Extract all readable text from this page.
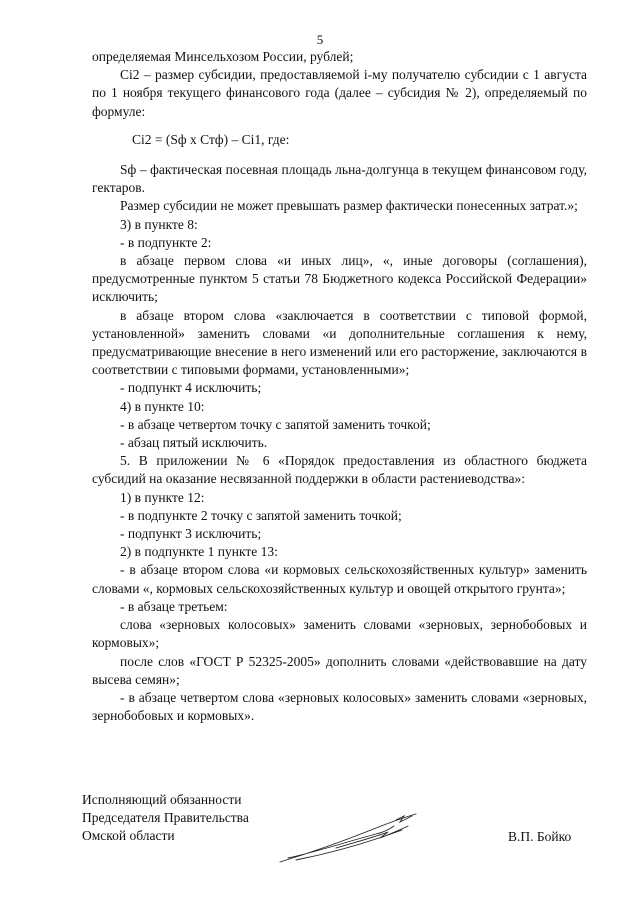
5

определяемая Минсельхозом России, рублей;

Ci2 – размер субсидии, предоставляемой i-му получателю субсидии с 1 августа по 1 ноября текущего финансового года (далее – субсидия № 2), определяемый по формуле:

Ci2 = (Sф x Стф) – Ci1, где:

Sф – фактическая посевная площадь льна-долгунца в текущем финансовом году, гектаров.

Размер субсидии не может превышать размер фактически понесенных затрат.»;

3) в пункте 8:

- в подпункте 2:

в абзаце первом слова «и иных лиц», «, иные договоры (соглашения), предусмотренные пунктом 5 статьи 78 Бюджетного кодекса Российской Федерации» исключить;

в абзаце втором слова «заключается в соответствии с типовой формой, установленной» заменить словами «и дополнительные соглашения к нему, предусматривающие внесение в него изменений или его расторжение, заключаются в соответствии с типовыми формами, установленными»;

- подпункт 4 исключить;

4) в пункте 10:

- в абзаце четвертом точку с запятой заменить точкой;

- абзац пятый исключить.

5. В приложении № 6 «Порядок предоставления из областного бюджета субсидий на оказание несвязанной поддержки в области растениеводства»:

1) в пункте 12:

- в подпункте 2 точку с запятой заменить точкой;

- подпункт 3 исключить;

2) в подпункте 1 пункте 13:

- в абзаце втором слова «и кормовых сельскохозяйственных культур» заменить словами «, кормовых сельскохозяйственных культур и овощей открытого грунта»;

- в абзаце третьем:

слова «зерновых колосовых» заменить словами «зерновых, зернобобовых и кормовых»;

после слов «ГОСТ Р 52325-2005» дополнить словами «действовавшие на дату высева семян»;

- в абзаце четвертом слова «зерновых колосовых» заменить словами «зерновых, зернобобовых и кормовых».

Исполняющий обязанности
Председателя Правительства
Омской области	В.П. Бойко
